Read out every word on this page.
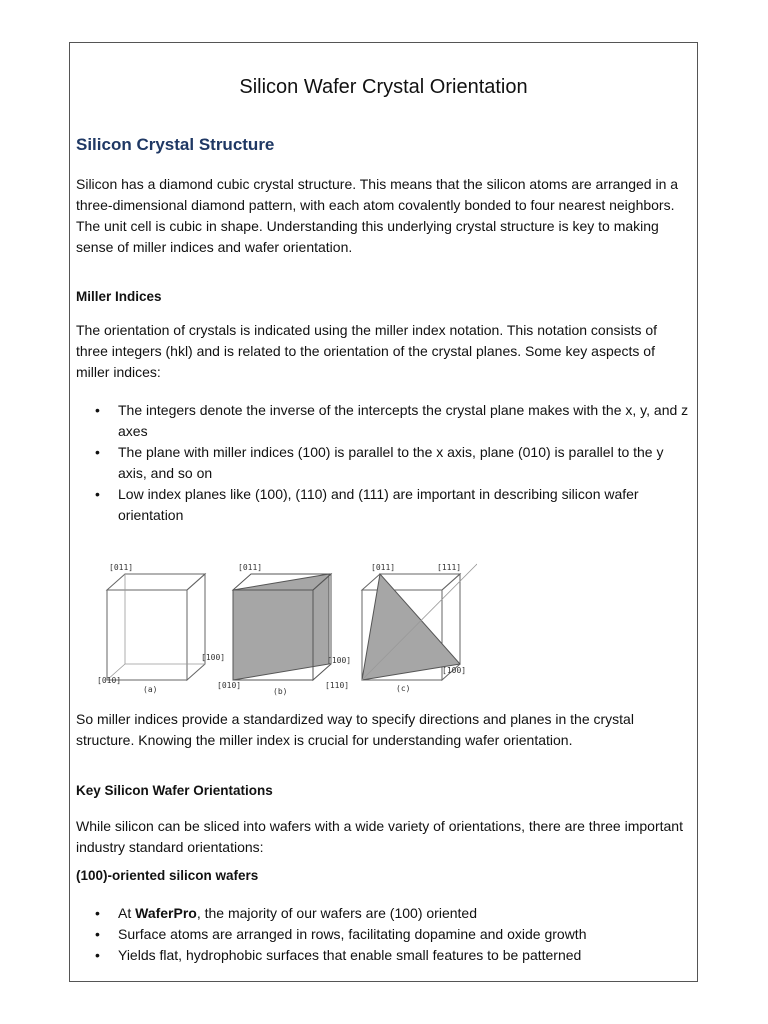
Silicon Wafer Crystal Orientation
Silicon Crystal Structure

Silicon has a diamond cubic crystal structure. This means that the silicon atoms are arranged in a three-dimensional diamond pattern, with each atom covalently bonded to four nearest neighbors. The unit cell is cubic in shape. Understanding this underlying crystal structure is key to making sense of miller indices and wafer orientation.

Miller Indices

The orientation of crystals is indicated using the miller index notation. This notation consists of three integers (hkl) and is related to the orientation of the crystal planes. Some key aspects of miller indices:

• The integers denote the inverse of the intercepts the crystal plane makes with the x, y, and z axes
• The plane with miller indices (100) is parallel to the x axis, plane (010) is parallel to the y axis, and so on
• Low index planes like (100), (110) and (111) are important in describing silicon wafer orientation
[011]
[100]
[010]
(a)
[011]
[100]
[010]	[110]
(b)
[011]	[111]
[100]
(c)

So miller indices provide a standardized way to specify directions and planes in the crystal structure. Knowing the miller index is crucial for understanding wafer orientation.

Key Silicon Wafer Orientations

While silicon can be sliced into wafers with a wide variety of orientations, there are three important industry standard orientations:

(100)-oriented silicon wafers
• At WaferPro, the majority of our wafers are (100) oriented
• Surface atoms are arranged in rows, facilitating dopamine and oxide growth
• Yields flat, hydrophobic surfaces that enable small features to be patterned
